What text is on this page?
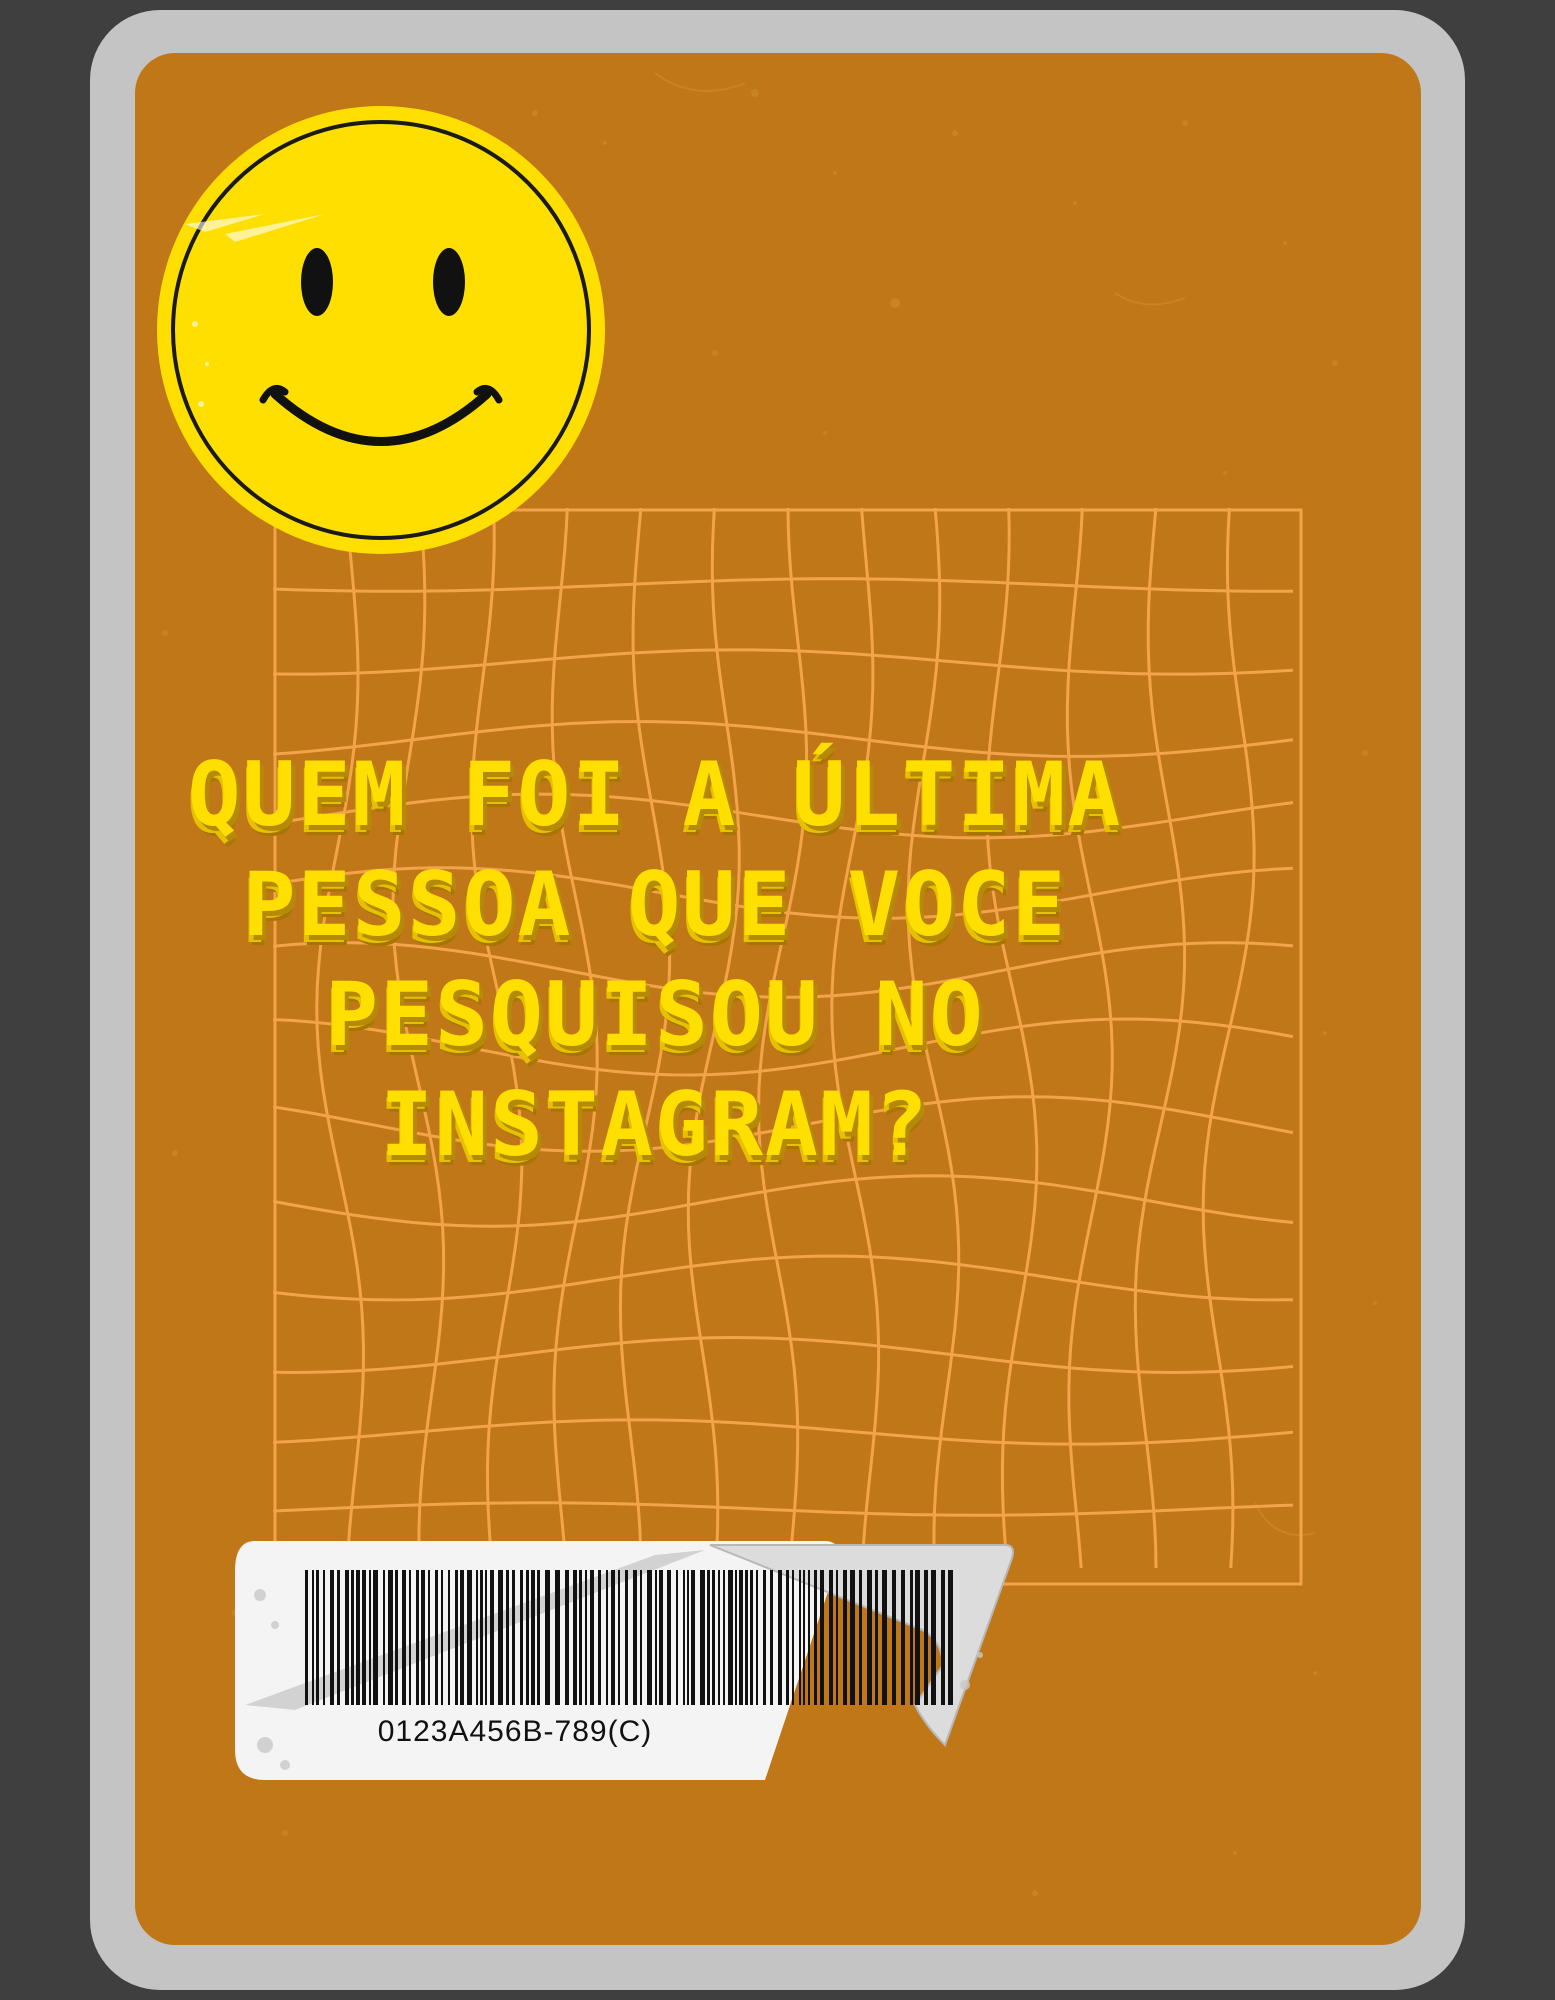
QUEM FOI A ÚLTIMA PESSOA QUE VOCE PESQUISOU NO INSTAGRAM?
0123A456B-789(C)
